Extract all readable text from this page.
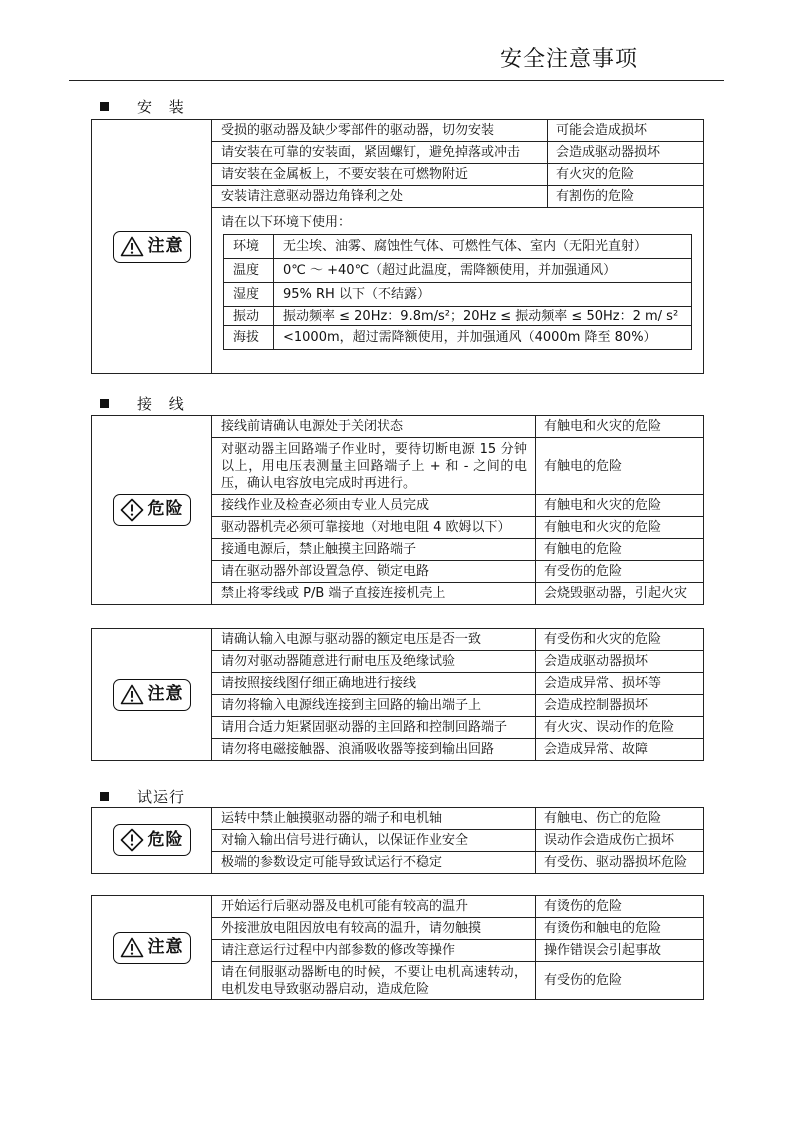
安全注意事项
安 装
注意
	受损的驱动器及缺少零部件的驱动器，切勿安装	可能会造成损坏
请安装在可靠的安装面，紧固螺钉，避免掉落或冲击	会造成驱动器损坏
请安装在金属板上，不要安装在可燃物附近	有火灾的危险
安装请注意驱动器边角锋利之处	有割伤的危险

请在以下环境下使用：
环境	无尘埃、油雾、腐蚀性气体、可燃性气体、室内（无阳光直射）
温度	0℃ ～ +40℃（超过此温度，需降额使用，并加强通风）
湿度	95% RH 以下（不结露）
振动	振动频率 ≤ 20Hz：9.8m/s²；20Hz ≤ 振动频率 ≤ 50Hz：2 m/ s²
海拔	<1000m，超过需降额使用，并加强通风（4000m 降至 80%）
接 线
危险	接线前请确认电源处于关闭状态	有触电和火灾的危险
	对驱动器主回路端子作业时，要待切断电源 15 分钟以上，用电压表测量主回路端子上 + 和 - 之间的电压，确认电容放电完成时再进行。	有触电的危险
	接线作业及检查必须由专业人员完成	有触电和火灾的危险
	驱动器机壳必须可靠接地（对地电阻 4 欧姆以下）	有触电和火灾的危险
	接通电源后，禁止触摸主回路端子	有触电的危险
	请在驱动器外部设置急停、锁定电路	有受伤的危险
	禁止将零线或 P/B 端子直接连接机壳上	会烧毁驱动器，引起火灾
注意	请确认输入电源与驱动器的额定电压是否一致	有受伤和火灾的危险
	请勿对驱动器随意进行耐电压及绝缘试验	会造成驱动器损坏
	请按照接线图仔细正确地进行接线	会造成异常、损坏等
	请勿将输入电源线连接到主回路的输出端子上	会造成控制器损坏
	请用合适力矩紧固驱动器的主回路和控制回路端子	有火灾、误动作的危险
	请勿将电磁接触器、浪涌吸收器等接到输出回路	会造成异常、故障
试运行
危险	运转中禁止触摸驱动器的端子和电机轴	有触电、伤亡的危险
	对输入输出信号进行确认，以保证作业安全	误动作会造成伤亡损坏
	极端的参数设定可能导致试运行不稳定	有受伤、驱动器损坏危险
注意	开始运行后驱动器及电机可能有较高的温升	有烫伤的危险
	外接泄放电阻因放电有较高的温升，请勿触摸	有烫伤和触电的危险
	请注意运行过程中内部参数的修改等操作	操作错误会引起事故
	请在伺服驱动器断电的时候，不要让电机高速转动，电机发电导致驱动器启动，造成危险	有受伤的危险
